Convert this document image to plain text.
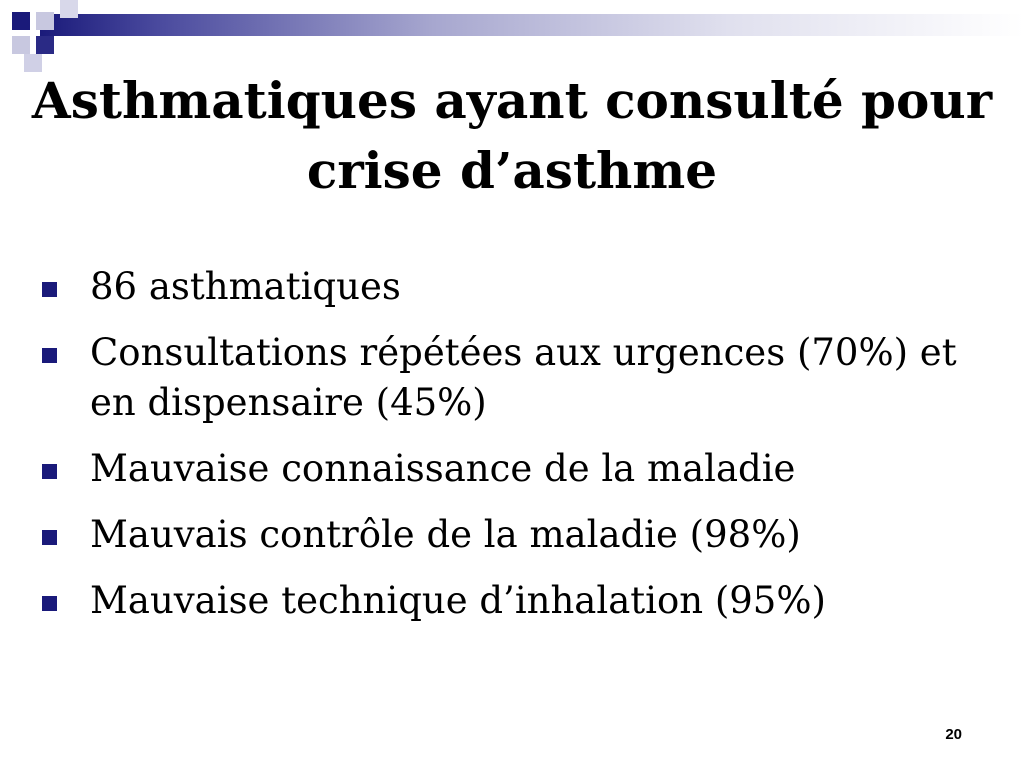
Asthmatiques ayant consulté pour crise d’asthme
86 asthmatiques
Consultations répétées aux urgences (70%) et en dispensaire (45%)
Mauvaise connaissance de la maladie
Mauvais contrôle de la maladie (98%)
Mauvaise technique d’inhalation (95%)
20
